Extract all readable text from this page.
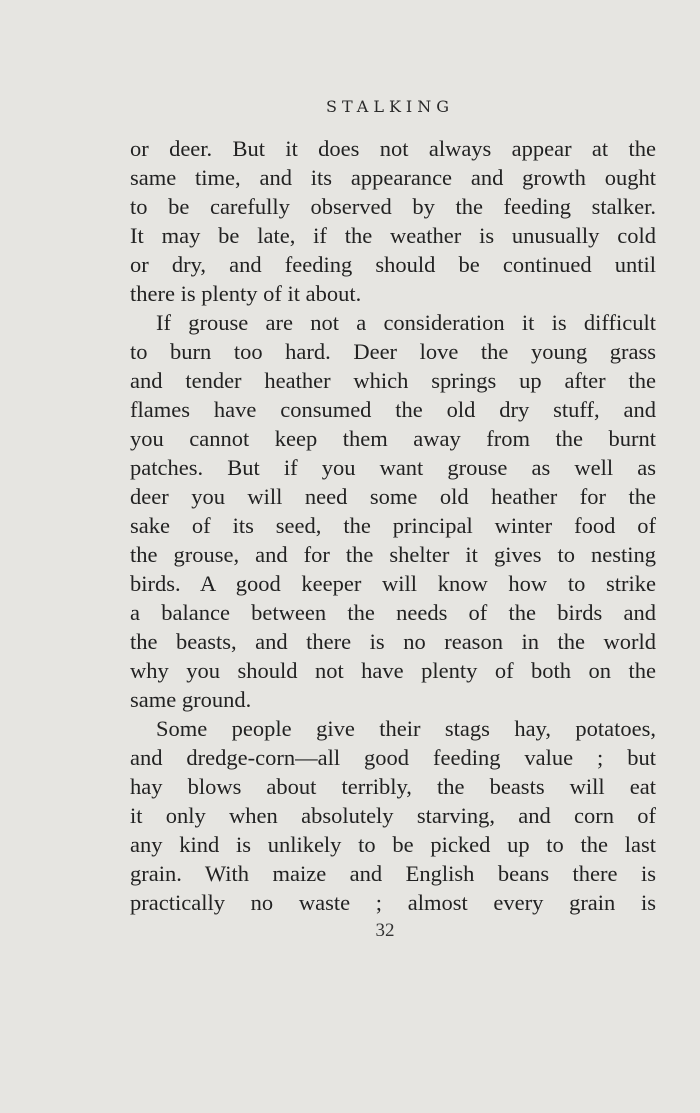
STALKING
or deer. But it does not always appear at the
same time, and its appearance and growth ought
to be carefully observed by the feeding stalker.
It may be late, if the weather is unusually cold
or dry, and feeding should be continued until
there is plenty of it about.
If grouse are not a consideration it is difficult
to burn too hard. Deer love the young grass
and tender heather which springs up after the
flames have consumed the old dry stuff, and
you cannot keep them away from the burnt
patches. But if you want grouse as well as
deer you will need some old heather for the
sake of its seed, the principal winter food of
the grouse, and for the shelter it gives to nesting
birds. A good keeper will know how to strike
a balance between the needs of the birds and
the beasts, and there is no reason in the world
why you should not have plenty of both on the
same ground.
Some people give their stags hay, potatoes,
and dredge-corn—all good feeding value ; but
hay blows about terribly, the beasts will eat
it only when absolutely starving, and corn of
any kind is unlikely to be picked up to the last
grain. With maize and English beans there is
practically no waste ; almost every grain is
32
